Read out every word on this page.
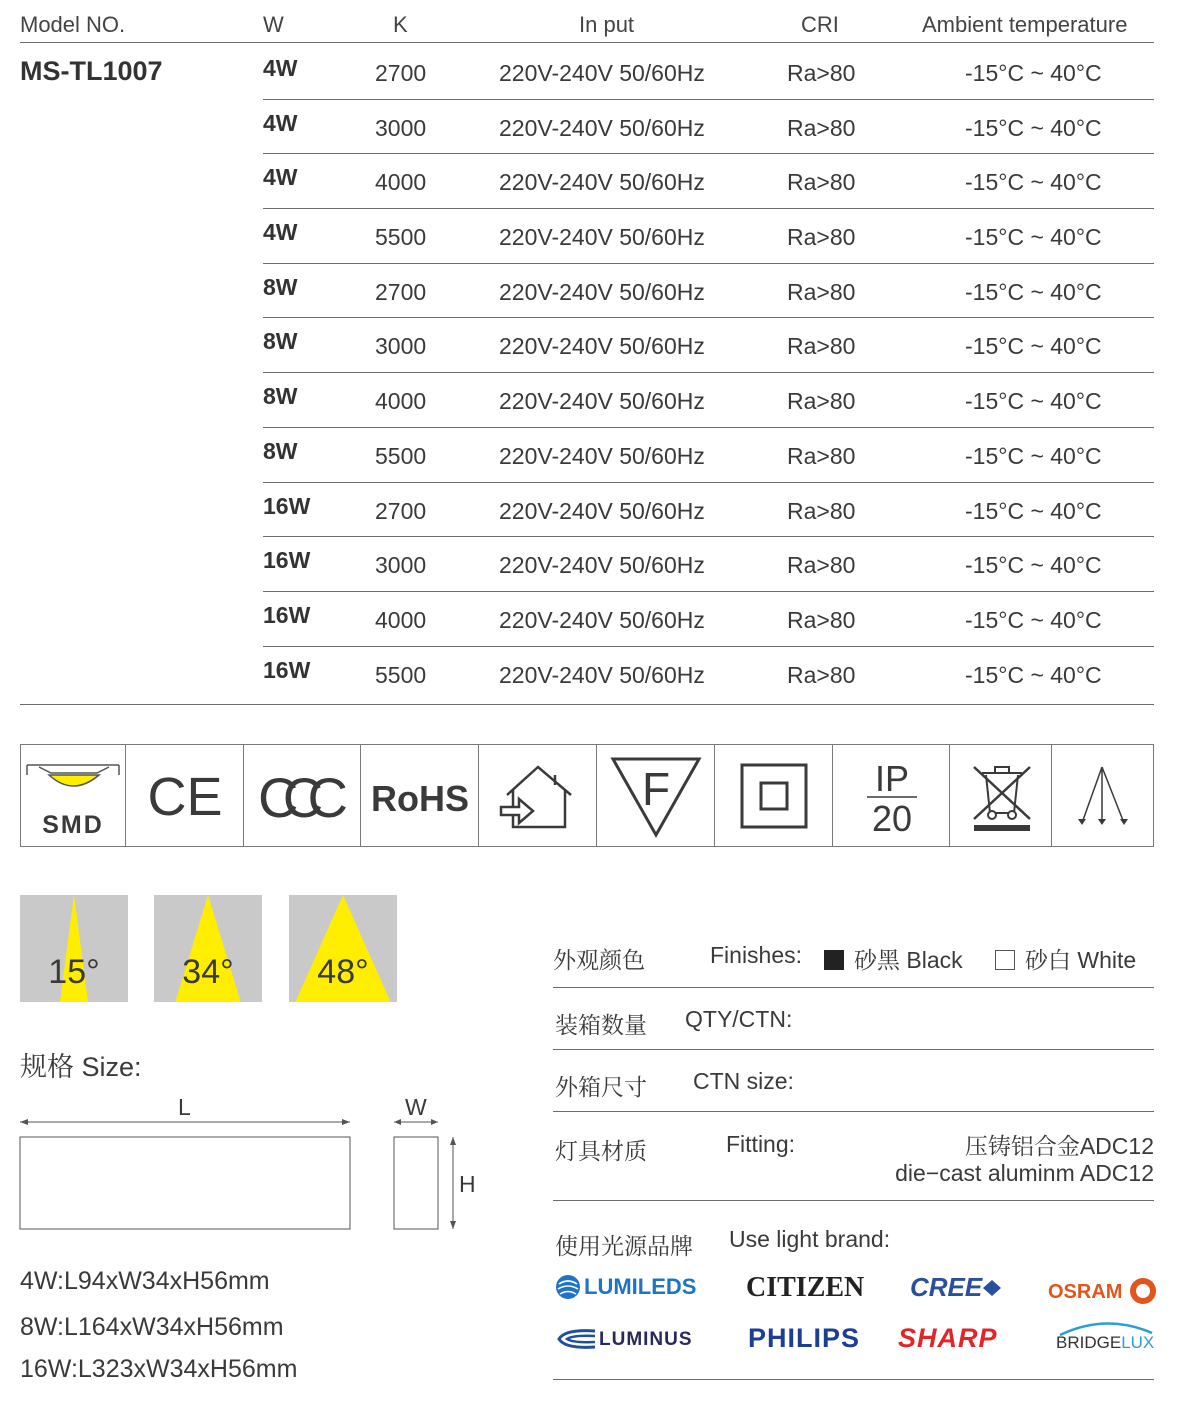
Model NO.	W	K	In put	CRI	Ambient temperature
MS-TL1007	4W	2700	220V-240V 50/60Hz	Ra>80	-15°C ~ 40°C
4W	3000	220V-240V 50/60Hz	Ra>80	-15°C ~ 40°C
4W	4000	220V-240V 50/60Hz	Ra>80	-15°C ~ 40°C
4W	5500	220V-240V 50/60Hz	Ra>80	-15°C ~ 40°C
8W	2700	220V-240V 50/60Hz	Ra>80	-15°C ~ 40°C
8W	3000	220V-240V 50/60Hz	Ra>80	-15°C ~ 40°C
8W	4000	220V-240V 50/60Hz	Ra>80	-15°C ~ 40°C
8W	5500	220V-240V 50/60Hz	Ra>80	-15°C ~ 40°C
16W	2700	220V-240V 50/60Hz	Ra>80	-15°C ~ 40°C
16W	3000	220V-240V 50/60Hz	Ra>80	-15°C ~ 40°C
16W	4000	220V-240V 50/60Hz	Ra>80	-15°C ~ 40°C
16W	5500	220V-240V 50/60Hz	Ra>80	-15°C ~ 40°C
SMD CE CCC RoHS	F	IP
20
15°	34°	48°
规格 Size:
L	W
H
4W:L94xW34xH56mm
8W:L164xW34xH56mm
16W:L323xW34xH56mm
外观颜色	Finishes:	砂黑 Black	砂白 White
装箱数量 QTY/CTN:
外箱尺寸 CTN size:
灯具材质	Fitting:	压铸铝合金ADC12
die−cast aluminm ADC12
使用光源品牌 Use light brand:
LUMILEDS CITIZEN CREE	OSRAM
LUMINUS PHILIPS SHARP	BRIDGELUX
